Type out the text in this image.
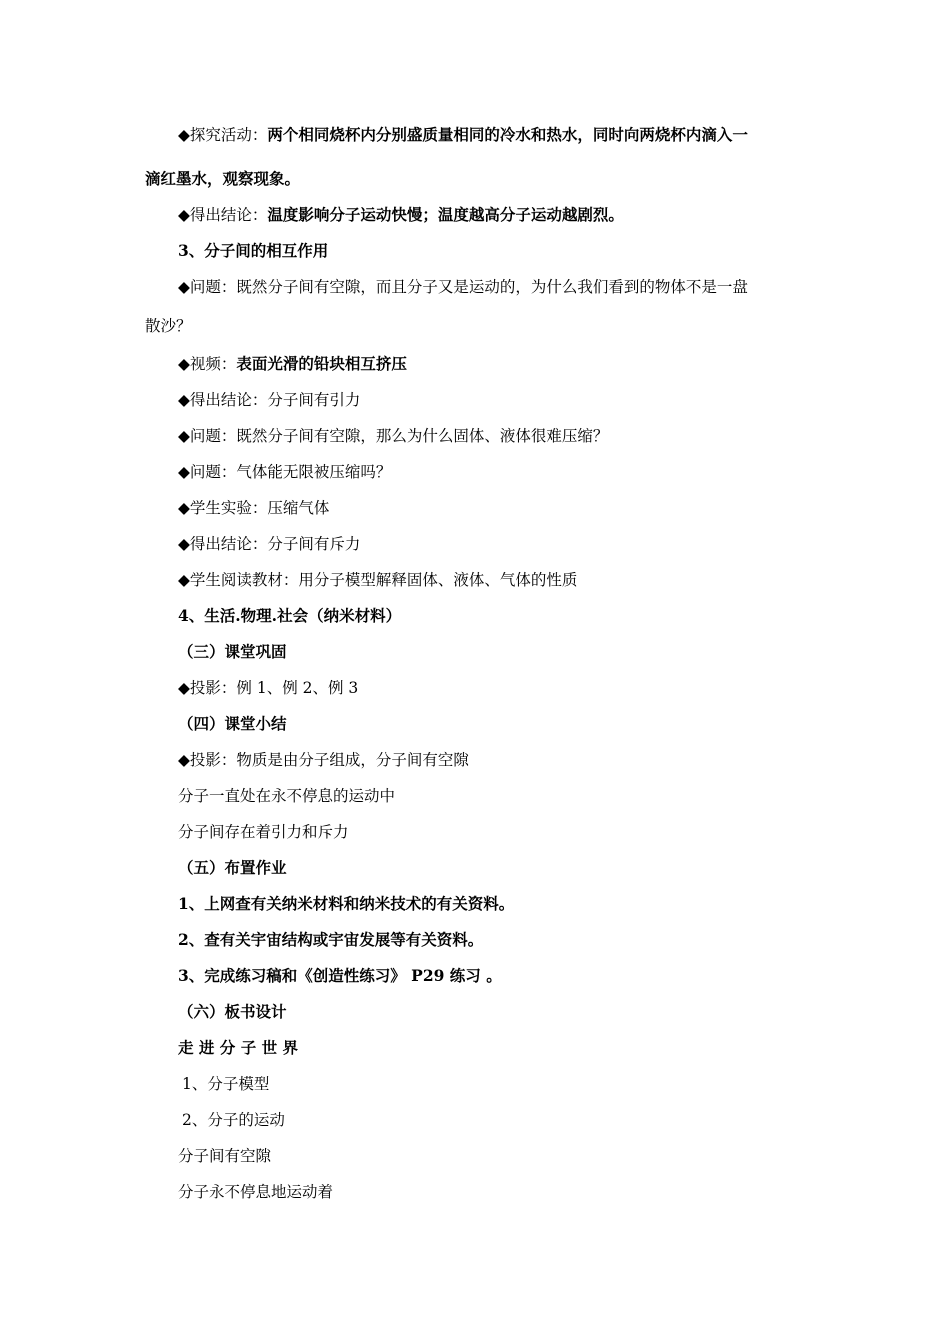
◆探究活动：两个相同烧杯内分别盛质量相同的冷水和热水，同时向两烧杯内滴入一
滴红墨水，观察现象。
◆得出结论：温度影响分子运动快慢；温度越高分子运动越剧烈。
3、分子间的相互作用
◆问题：既然分子间有空隙，而且分子又是运动的，为什么我们看到的物体不是一盘
散沙？
◆视频：表面光滑的铅块相互挤压
◆得出结论：分子间有引力
◆问题：既然分子间有空隙，那么为什么固体、液体很难压缩？
◆问题：气体能无限被压缩吗？
◆学生实验：压缩气体
◆得出结论：分子间有斥力
◆学生阅读教材：用分子模型解释固体、液体、气体的性质
4、生活.物理.社会（纳米材料）
（三）课堂巩固
◆投影：例 1、例 2、例 3
（四）课堂小结
◆投影：物质是由分子组成，分子间有空隙
分子一直处在永不停息的运动中
分子间存在着引力和斥力
（五）布置作业
1、上网查有关纳米材料和纳米技术的有关资料。
2、查有关宇宙结构或宇宙发展等有关资料。
3、完成练习稿和《创造性练习》 P29 练习 。
（六）板书设计
走 进 分 子 世 界
1、分子模型
2、分子的运动
分子间有空隙
分子永不停息地运动着
